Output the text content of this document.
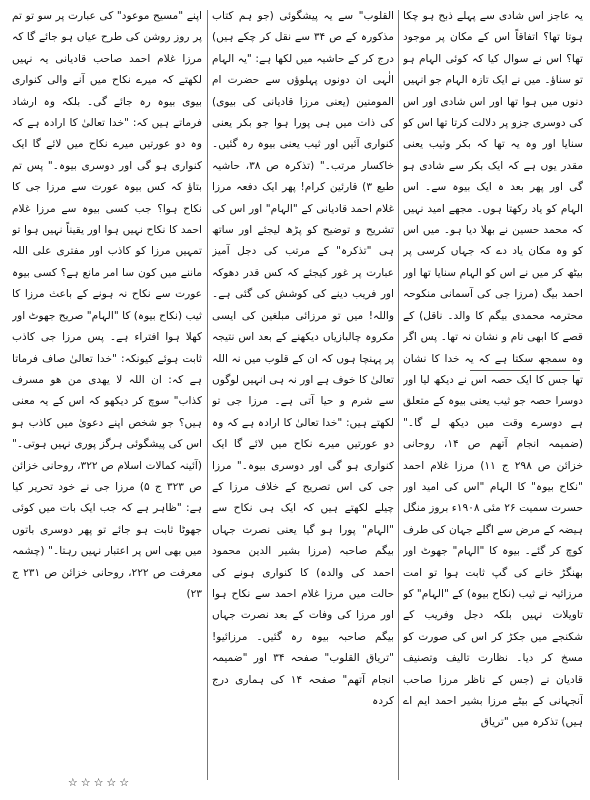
یہ عاجز اس شادی سے پہلے ذبح ہو چکا ہوتا تھا؟ اتفاقاً اس کے مکان پر موجود تھا؟ اس نے سوال کیا کہ کوئی الہام ہو تو سناؤ۔ میں نے ایک تازہ الہام جو انہیں دنوں میں ہوا تھا اور اس شادی اور اس کی دوسری جزو پر دلالت کرتا تھا اس کو سنایا اور وہ یہ تھا کہ بکر وثیب یعنی مقدر یوں ہے کہ ایک بکر سے شادی ہو گی اور پھر بعد ہ ایک بیوہ سے۔ اس الہام کو یاد رکھتا ہوں۔ مجھے امید نہیں کہ محمد حسین نے بھلا دیا ہو۔ میں اس کو وہ مکان یاد دے کہ جہاں کرسی پر بیٹھ کر میں نے اس کو الہام سنایا تھا اور احمد بیگ (مرزا جی کی آسمانی منکوحہ محترمہ محمدی بیگم کا والد۔ ناقل) کے قصے کا ابھی نام و نشان نہ تھا۔ پس اگر وہ سمجھ سکتا ہے کہ یہ خدا کا نشان تھا جس کا ایک حصہ اس نے دیکھ لیا اور دوسرا حصہ جو ثیب یعنی بیوہ کے متعلق ہے دوسرے وقت میں دیکھ لے گا۔" (ضمیمہ انجام آتھم ص ۱۴، روحانی خزائن ص ۲۹۸ ج ۱۱) مرزا غلام احمد "نکاح بیوہ" کا الہام "اس کی امید اور حسرت سمیت ۲۶ مئی ۱۹۰۸ء بروز منگل ہیضہ کے مرض سے اگلے جہان کی طرف کوچ کر گئے۔ بیوہ کا "الہام" جھوٹ اور بھنگڑ خانے کی گپ ثابت ہوا تو امت مرزائیہ نے ثیب (نکاح بیوہ) کے "الہام" کو تاویلات نہیں بلکہ دجل وفریب کے شکنجے میں جکڑ کر اس کی صورت کو مسخ کر دیا۔ نظارت تالیف وتصنیف قادیان نے (جس کے ناظر مرزا صاحب آنجہانی کے بیٹے مرزا بشیر احمد ایم اے ہیں) تذکرہ میں "تریاق

القلوب" سے یہ پیشگوئی (جو ہم کتاب مذکورہ کے ص ۳۴ سے نقل کر چکے ہیں) درج کر کے حاشیہ میں لکھا ہے: "یہ الہام الٰہی ان دونوں پہلوؤں سے حضرت ام المومنین (یعنی مرزا قادیانی کی بیوی) کی ذات میں ہی پورا ہوا جو بکر یعنی کنواری آئیں اور ثیب یعنی بیوہ رہ گئیں۔ خاکسار مرتب۔" (تذکرہ ص ۳۸، حاشیہ طبع ۳) قارئین کرام! پھر ایک دفعہ مرزا غلام احمد قادیانی کے "الہام" اور اس کی تشریح و توضیح کو پڑھ لیجئے اور ساتھ ہی "تذکرہ" کے مرتب کی دجل آمیز عبارت پر غور کیجئے کہ کس قدر دھوکہ اور فریب دینے کی کوشش کی گئی ہے۔ واللہ! میں تو مرزائی مبلغین کی ایسی مکروہ چالبازیاں دیکھنے کے بعد اس نتیجہ پر پہنچا ہوں کہ ان کے قلوب میں نہ اللہ تعالیٰ کا خوف ہے اور نہ ہی انہیں لوگوں سے شرم و حیا آتی ہے۔ مرزا جی تو لکھتے ہیں: "خدا تعالیٰ کا ارادہ ہے کہ وہ دو عورتیں میرے نکاح میں لائے گا ایک کنواری ہو گی اور دوسری بیوہ۔" مرزا جی کی اس تصریح کے خلاف مرزا کے چیلے لکھتے ہیں کہ ایک ہی نکاح سے "الہام" پورا ہو گیا یعنی نصرت جہاں بیگم صاحبہ (مرزا بشیر الدین محمود احمد کی والدہ) کا کنواری ہونے کی حالت میں مرزا غلام احمد سے نکاح ہوا اور مرزا کی وفات کے بعد نصرت جہاں بیگم صاحبہ بیوہ رہ گئیں۔ مرزائیو! "تریاق القلوب" صفحہ ۳۴ اور "ضمیمہ انجام آتھم" صفحہ ۱۴ کی ہماری درج کردہ

اپنے "مسیح موعود" کی عبارت پر سو تو تم پر روز روشن کی طرح عیاں ہو جائے گا کہ مرزا غلام احمد صاحب قادیانی یہ نہیں لکھتے کہ میرے نکاح میں آنے والی کنواری بیوی بیوہ رہ جائے گی۔ بلکہ وہ ارشاد فرماتے ہیں کہ: "خدا تعالیٰ کا ارادہ ہے کہ وہ دو عورتیں میرے نکاح میں لائے گا ایک کنواری ہو گی اور دوسری بیوہ۔" پس تم بتاؤ کہ کس بیوہ عورت سے مرزا جی کا نکاح ہوا؟ جب کسی بیوہ سے مرزا غلام احمد کا نکاح نہیں ہوا اور یقیناً نہیں ہوا تو تمہیں مرزا کو کاذب اور مفتری علی اللہ ماننے میں کون سا امر مانع ہے؟ کسی بیوہ عورت سے نکاح نہ ہونے کے باعث مرزا کا ثیب (نکاح بیوہ) کا "الہام" صریح جھوٹ اور کھلا ہوا افتراء ہے۔ پس مرزا جی کاذب ثابت ہوئے کیونکہ: "خدا تعالیٰ صاف فرماتا ہے کہ: ان اللہ لا یھدی من ھو مسرف کذاب" سوچ کر دیکھو کہ اس کے یہ معنی ہیں؟ جو شخص اپنے دعویٰ میں کاذب ہو اس کی پیشگوئی ہرگز پوری نہیں ہوتی۔" (آئینہ کمالات اسلام ص ۳۲۲، روحانی خزائن ص ۳۲۳ ج ۵) مرزا جی نے خود تحریر کیا ہے: "ظاہر ہے کہ جب ایک بات میں کوئی جھوٹا ثابت ہو جائے تو پھر دوسری باتوں میں بھی اس پر اعتبار نہیں رہتا۔" (چشمہ معرفت ص ۲۲۲، روحانی خزائن ص ۲۳۱ ج ۲۳)

☆☆☆☆☆
